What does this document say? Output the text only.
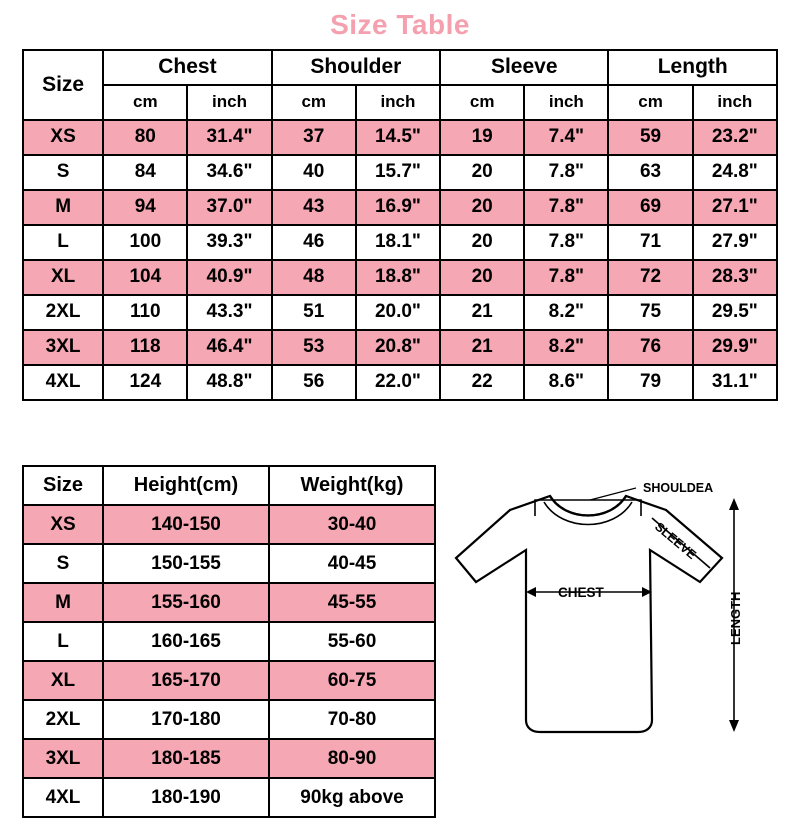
Size Table
Size	Chest		Shoulder		Sleeve		Length	
	cm	inch	cm	inch	cm	inch	cm	inch
XS	80	31.4"	37	14.5"	19	7.4"	59	23.2"
S	84	34.6"	40	15.7"	20	7.8"	63	24.8"
M	94	37.0"	43	16.9"	20	7.8"	69	27.1"
L	100	39.3"	46	18.1"	20	7.8"	71	27.9"
XL	104	40.9"	48	18.8"	20	7.8"	72	28.3"
2XL	110	43.3"	51	20.0"	21	8.2"	75	29.5"
3XL	118	46.4"	53	20.8"	21	8.2"	76	29.9"
4XL	124	48.8"	56	22.0"	22	8.6"	79	31.1"
Size	Height(cm)	Weight(kg)
XS	140-150	30-40
S	150-155	40-45
M	155-160	45-55
L	160-165	55-60
XL	165-170	60-75
2XL	170-180	70-80
3XL	180-185	80-90
4XL	180-190	90kg above
SHOULDEA
SLEEVE
CHEST	LENGTH
